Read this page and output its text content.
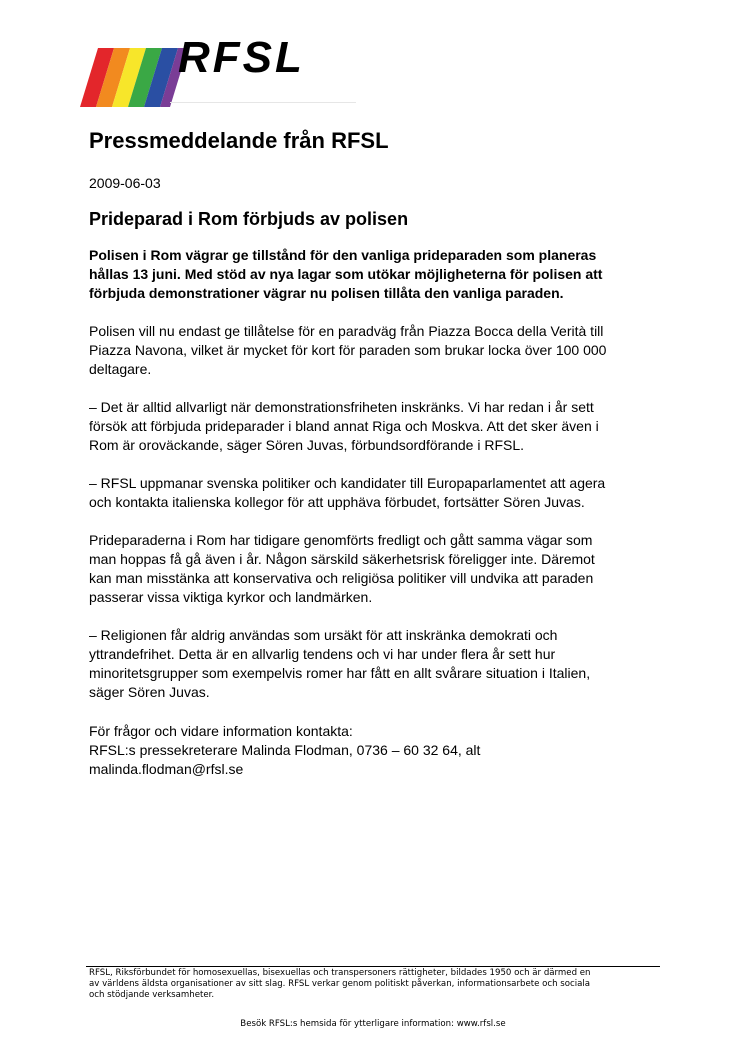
RFSL
Pressmeddelande från RFSL
2009-06-03
Prideparad i Rom förbjuds av polisen

Polisen i Rom vägrar ge tillstånd för den vanliga prideparaden som planeras
hållas 13 juni. Med stöd av nya lagar som utökar möjligheterna för polisen att
förbjuda demonstrationer vägrar nu polisen tillåta den vanliga paraden.

Polisen vill nu endast ge tillåtelse för en paradväg från Piazza Bocca della Verità till
Piazza Navona, vilket är mycket för kort för paraden som brukar locka över 100 000
deltagare.

– Det är alltid allvarligt när demonstrationsfriheten inskränks. Vi har redan i år sett
försök att förbjuda prideparader i bland annat Riga och Moskva. Att det sker även i
Rom är oroväckande, säger Sören Juvas, förbundsordförande i RFSL.

– RFSL uppmanar svenska politiker och kandidater till Europaparlamentet att agera
och kontakta italienska kollegor för att upphäva förbudet, fortsätter Sören Juvas.

Prideparaderna i Rom har tidigare genomförts fredligt och gått samma vägar som
man hoppas få gå även i år. Någon särskild säkerhetsrisk föreligger inte. Däremot
kan man misstänka att konservativa och religiösa politiker vill undvika att paraden
passerar vissa viktiga kyrkor och landmärken.

– Religionen får aldrig användas som ursäkt för att inskränka demokrati och
yttrandefrihet. Detta är en allvarlig tendens och vi har under flera år sett hur
minoritetsgrupper som exempelvis romer har fått en allt svårare situation i Italien,
säger Sören Juvas.

För frågor och vidare information kontakta:
RFSL:s pressekreterare Malinda Flodman, 0736 – 60 32 64, alt
malinda.flodman@rfsl.se
RFSL, Riksförbundet för homosexuellas, bisexuellas och transpersoners rättigheter, bildades 1950 och är därmed en
av världens äldsta organisationer av sitt slag. RFSL verkar genom politiskt påverkan, informationsarbete och sociala
och stödjande verksamheter.
Besök RFSL:s hemsida för ytterligare information: www.rfsl.se
